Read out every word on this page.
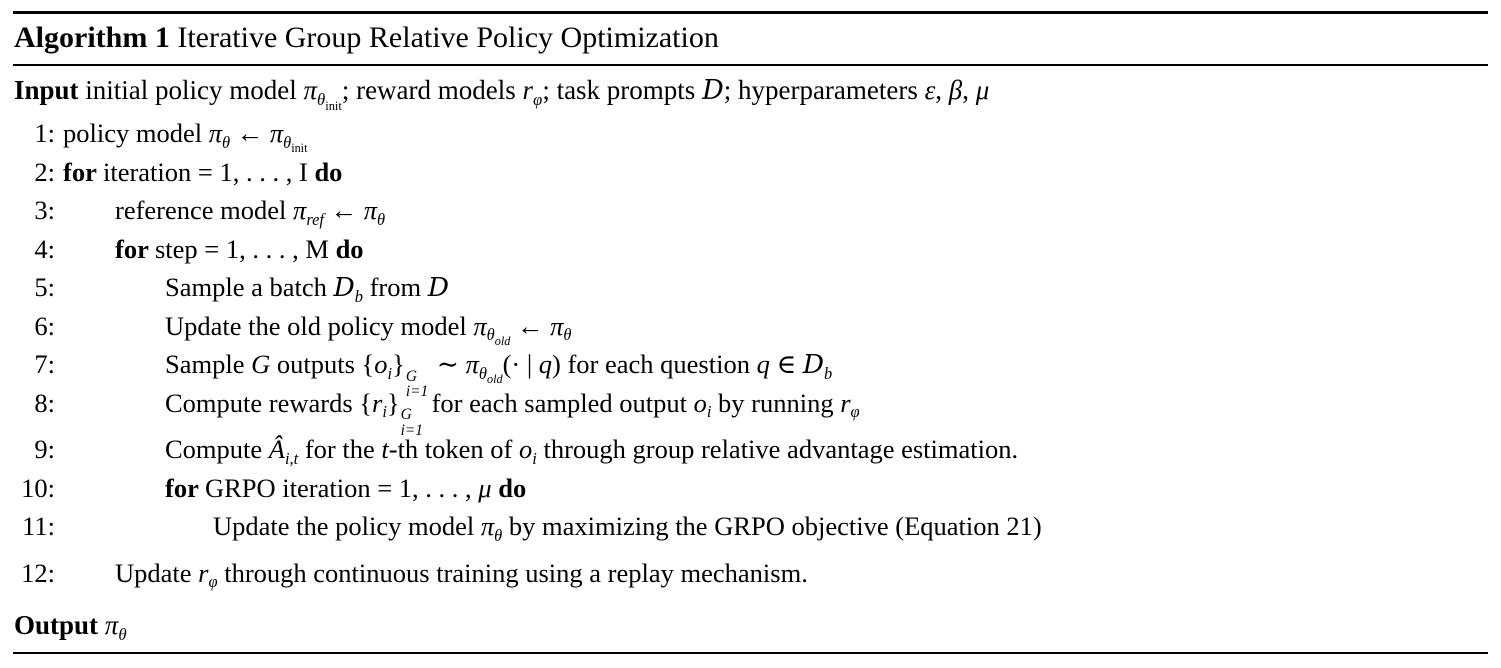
Algorithm 1 Iterative Group Relative Policy Optimization
Input initial policy model $\pi_{\theta init}$; reward models $r_\varphi$; task prompts D; hyperparameters ε, β, μ
1: policy model $\pi_\theta$ ← $\pi_{\theta init}$
2: for iteration = 1, . . . , I do
3:	reference model $\pi_{ref}$ ← $\pi_\theta$
4:	for step = 1, . . . , M do
5:	Sample a batch $D_b$ from D
6:	Update the old policy model $\pi_{\theta old}$ ← $\pi_\theta$
7:	Sample G outputs $\{o_i\}$ G
i=1
∼ $\pi_{\theta old}(\cdot$ | q) for each question q ∈ $D_b$
8:	Compute rewards $\{r_i\}$ G
i=1
for each sampled output $o_i$ by running $r_\varphi$
9:	Compute $Â_{i,t}$ for the t-th token of $o_i$ through group relative advantage estimation.
10:	for GRPO iteration = 1, . . . , μ do
11:	Update the policy model $\pi_\theta$ by maximizing the GRPO objective (Equation 21)
12:	Update $r_\varphi$ through continuous training using a replay mechanism.
Output $\pi_\theta$
